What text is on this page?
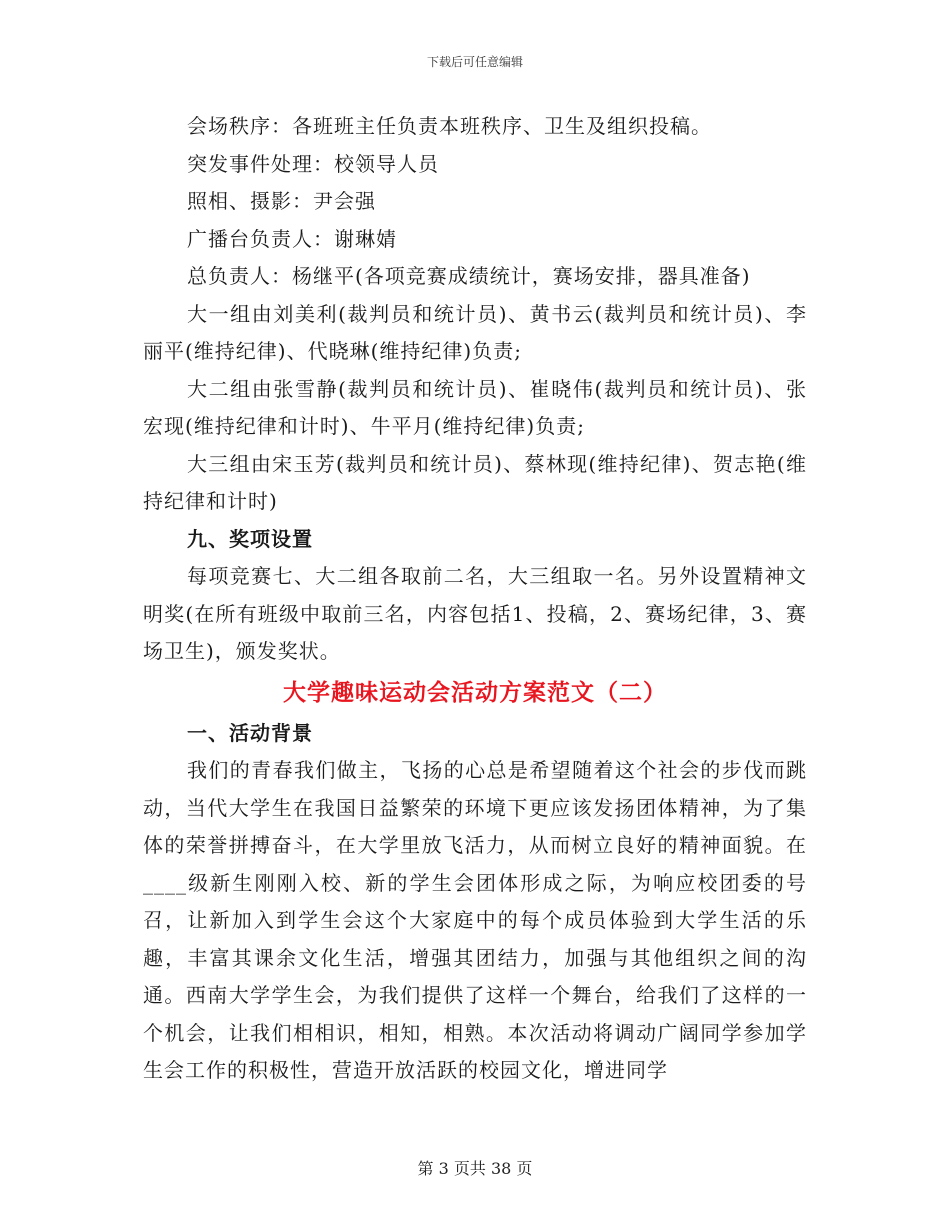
下载后可任意编辑

会场秩序：各班班主任负责本班秩序、卫生及组织投稿。

突发事件处理：校领导人员

照相、摄影：尹会强

广播台负责人：谢琳婧

总负责人：杨继平(各项竞赛成绩统计，赛场安排，器具准备)

大一组由刘美利(裁判员和统计员)、黄书云(裁判员和统计员)、李丽平(维持纪律)、代晓琳(维持纪律)负责;

大二组由张雪静(裁判员和统计员)、崔晓伟(裁判员和统计员)、张宏现(维持纪律和计时)、牛平月(维持纪律)负责;

大三组由宋玉芳(裁判员和统计员)、蔡林现(维持纪律)、贺志艳(维持纪律和计时)

九、奖项设置

每项竞赛七、大二组各取前二名，大三组取一名。另外设置精神文明奖(在所有班级中取前三名，内容包括1、投稿，2、赛场纪律，3、赛场卫生)，颁发奖状。

大学趣味运动会活动方案范文（二）

一、活动背景

我们的青春我们做主，飞扬的心总是希望随着这个社会的步伐而跳动，当代大学生在我国日益繁荣的环境下更应该发扬团体精神，为了集体的荣誉拼搏奋斗，在大学里放飞活力，从而树立良好的精神面貌。在____级新生刚刚入校、新的学生会团体形成之际，为响应校团委的号召，让新加入到学生会这个大家庭中的每个成员体验到大学生活的乐趣，丰富其课余文化生活，增强其团结力，加强与其他组织之间的沟通。西南大学学生会，为我们提供了这样一个舞台，给我们了这样的一个机会，让我们相相识，相知，相熟。本次活动将调动广阔同学参加学生会工作的积极性，营造开放活跃的校园文化，增进同学

第 3 页共 38 页
